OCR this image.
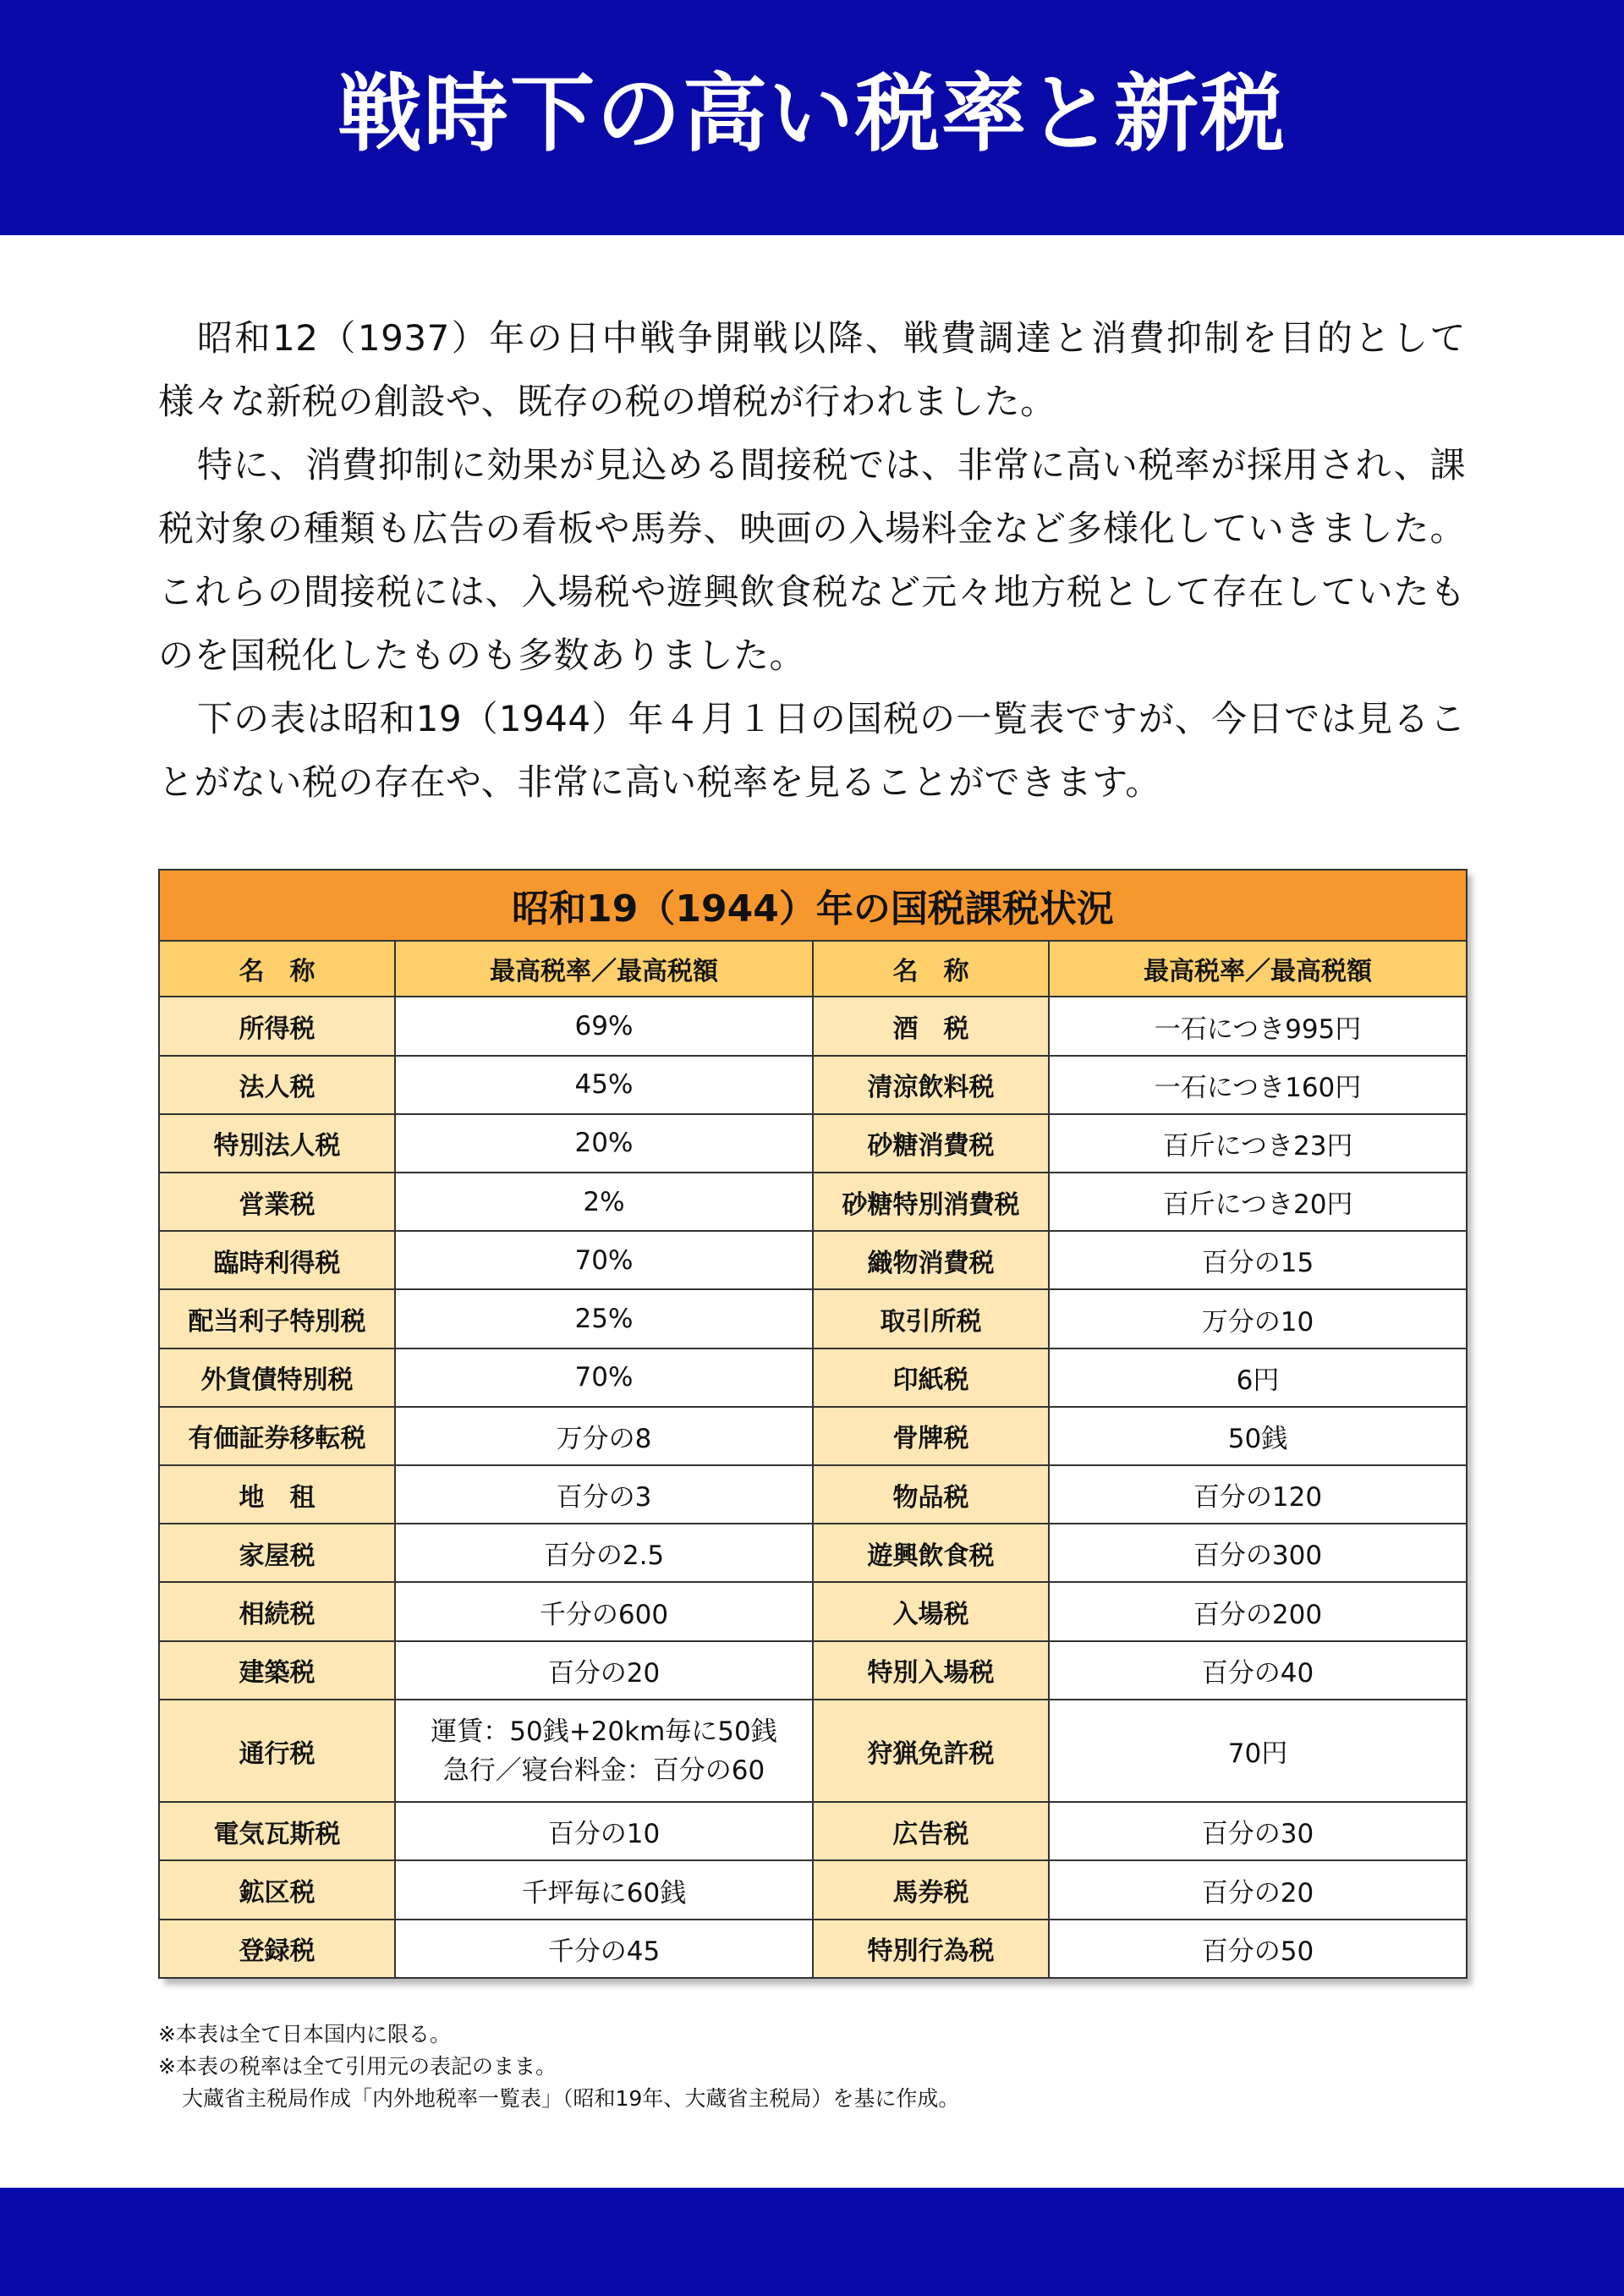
戦時下の高い税率と新税

昭和12（1937）年の日中戦争開戦以降、戦費調達と消費抑制を目的として様々な新税の創設や、既存の税の増税が行われました。

特に、消費抑制に効果が見込める間接税では、非常に高い税率が採用され、課税対象の種類も広告の看板や馬券、映画の入場料金など多様化していきました。これらの間接税には、入場税や遊興飲食税など元々地方税として存在していたものを国税化したものも多数ありました。

下の表は昭和19（1944）年４月１日の国税の一覧表ですが、今日では見ることがない税の存在や、非常に高い税率を見ることができます。

昭和19（1944）年の国税課税状況			
名　称	最高税率／最高税額	名　称	最高税率／最高税額
所得税	69%	酒　税	一石につき995円
法人税	45%	清涼飲料税	一石につき160円
特別法人税	20%	砂糖消費税	百斤につき23円
営業税	2%	砂糖特別消費税	百斤につき20円
臨時利得税	70%	織物消費税	百分の15
配当利子特別税	25%	取引所税	万分の10
外貨債特別税	70%	印紙税	6円
有価証券移転税	万分の8	骨牌税	50銭
地　租	百分の3	物品税	百分の120
家屋税	百分の2.5	遊興飲食税	百分の300
相続税	千分の600	入場税	百分の200
建築税	百分の20	特別入場税	百分の40
通行税	運賃：50銭+20km毎に50銭
急行／寝台料金：百分の60	狩猟免許税	70円
電気瓦斯税	百分の10	広告税	百分の30
鉱区税	千坪毎に60銭	馬券税	百分の20
登録税	千分の45	特別行為税	百分の50

※本表は全て日本国内に限る。

※本表の税率は全て引用元の表記のまま。

大蔵省主税局作成「内外地税率一覧表」（昭和19年、大蔵省主税局）を基に作成。
